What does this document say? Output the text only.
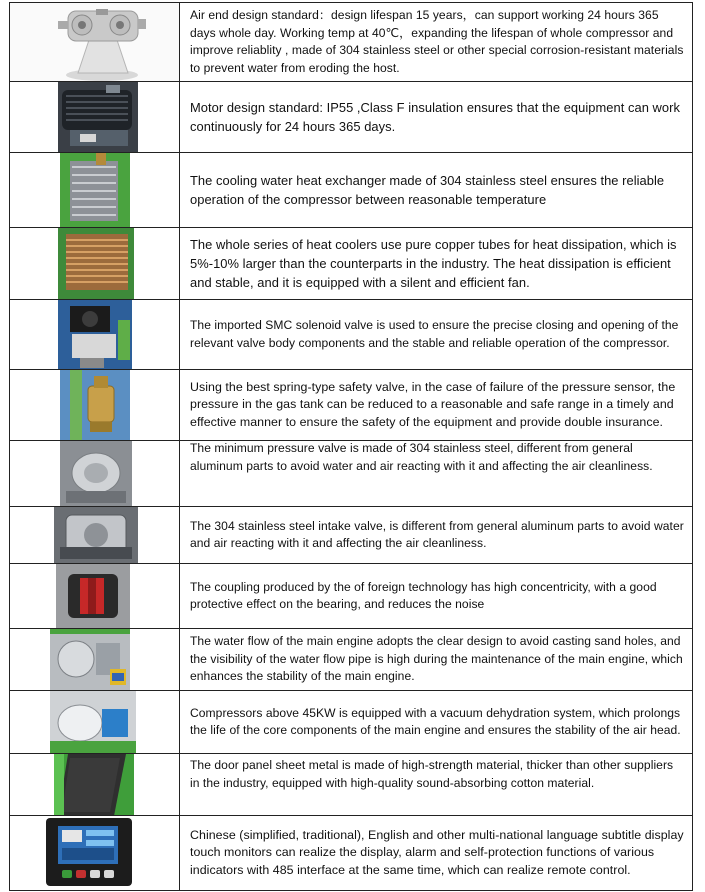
Air end design standard：design lifespan 15 years，can support working 24 hours 365 days whole day. Working temp at 40℃，expanding the lifespan of whole compressor and improve reliablity , made of 304 stainless steel or other special corrosion-resistant materials to prevent water from eroding the host.

Motor design standard: IP55 ,Class F insulation ensures that the equipment can work continuously for 24 hours 365 days.

The cooling water heat exchanger made of 304 stainless steel ensures the reliable operation of the compressor between reasonable temperature

The whole series of heat coolers use pure copper tubes for heat dissipation, which is 5%-10% larger than the counterparts in the industry. The heat dissipation is efficient and stable, and it is equipped with a silent and efficient fan.

The imported SMC solenoid valve is used to ensure the precise closing and opening of the relevant valve body components and the stable and reliable operation of the compressor.

Using the best spring-type safety valve, in the case of failure of the pressure sensor, the pressure in the gas tank can be reduced to a reasonable and safe range in a timely and effective manner to ensure the safety of the equipment and provide double insurance.

The minimum pressure valve is made of 304 stainless steel, different from general aluminum parts to avoid water and air reacting with it and affecting the air cleanliness.

The 304 stainless steel intake valve, is different from general aluminum parts to avoid water and air reacting with it and affecting the air cleanliness.

The coupling produced by the of foreign technology has high concentricity, with a good protective effect on the bearing, and reduces the noise

The water flow of the main engine adopts the clear design to avoid casting sand holes, and the visibility of the water flow pipe is high during the maintenance of the main engine, which enhances the stability of the main engine.

Compressors above 45KW is equipped with a vacuum dehydration system, which prolongs the life of the core components of the main engine and ensures the stability of the air head.

The door panel sheet metal is made of high-strength material, thicker than other suppliers in the industry, equipped with high-quality sound-absorbing cotton material.

Chinese (simplified, traditional), English and other multi-national language subtitle display touch monitors can realize the display, alarm and self-protection functions of various indicators with 485 interface at the same time, which can realize remote control.
